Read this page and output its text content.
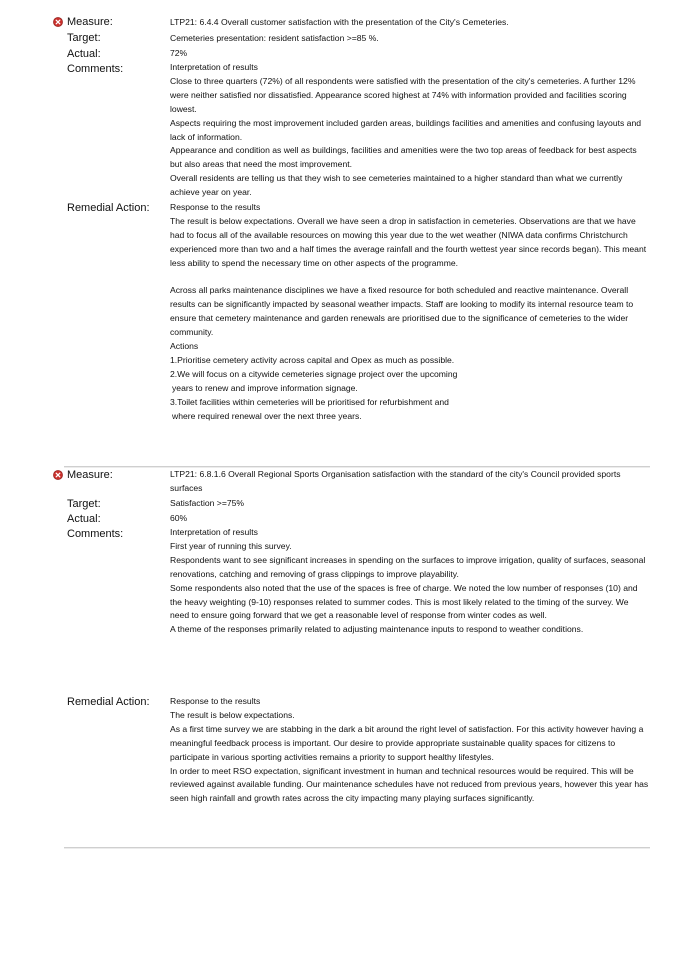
Measure:
Target:
Actual:
Comments:
Remedial Action:
LTP21: 6.4.4 Overall customer satisfaction with the presentation of the City's Cemeteries.
Cemeteries presentation: resident satisfaction >=85 %.
72%

Interpretation of results

Close to three quarters (72%) of all respondents were satisfied with the presentation of the city's cemeteries. A further 12% were neither satisfied nor dissatisfied. Appearance scored highest at 74% with information provided and facilities scoring lowest.

Aspects requiring the most improvement included garden areas, buildings facilities and amenities and confusing layouts and lack of information.

Appearance and condition as well as buildings, facilities and amenities were the two top areas of feedback for best aspects but also areas that need the most improvement.

Overall residents are telling us that they wish to see cemeteries maintained to a higher standard than what we currently achieve year on year.

Response to the results

The result is below expectations. Overall we have seen a drop in satisfaction in cemeteries. Observations are that we have had to focus all of the available resources on mowing this year due to the wet weather (NIWA data confirms Christchurch experienced more than two and a half times the average rainfall and the fourth wettest year since records began). This meant less ability to spend the necessary time on other aspects of the programme.

Across all parks maintenance disciplines we have a fixed resource for both scheduled and reactive maintenance. Overall results can be significantly impacted by seasonal weather impacts. Staff are looking to modify its internal resource team to ensure that cemetery maintenance and garden renewals are prioritised due to the significance of cemeteries to the wider community.

Actions

1.Prioritise cemetery activity across capital and Opex as much as possible.

2.We will focus on a citywide cemeteries signage project over the upcoming

years to renew and improve information signage.

3.Toilet facilities within cemeteries will be prioritised for refurbishment and

where required renewal over the next three years.

Measure:
Target:
Actual:
Comments:
Remedial Action:
LTP21: 6.8.1.6 Overall Regional Sports Organisation satisfaction with the standard of the city's Council provided sports surfaces
Satisfaction >=75%
60%

Interpretation of results

First year of running this survey.

Respondents want to see significant increases in spending on the surfaces to improve irrigation, quality of surfaces, seasonal renovations, catching and removing of grass clippings to improve playability.

Some respondents also noted that the use of the spaces is free of charge. We noted the low number of responses (10) and the heavy weighting (9-10) responses related to summer codes. This is most likely related to the timing of the survey. We need to ensure going forward that we get a reasonable level of response from winter codes as well.

A theme of the responses primarily related to adjusting maintenance inputs to respond to weather conditions.

Response to the results

The result is below expectations.

As a first time survey we are stabbing in the dark a bit around the right level of satisfaction. For this activity however having a meaningful feedback process is important. Our desire to provide appropriate sustainable quality spaces for citizens to participate in various sporting activities remains a priority to support healthy lifestyles.

In order to meet RSO expectation, significant investment in human and technical resources would be required. This will be reviewed against available funding. Our maintenance schedules have not reduced from previous years, however this year has seen high rainfall and growth rates across the city impacting many playing surfaces significantly.
